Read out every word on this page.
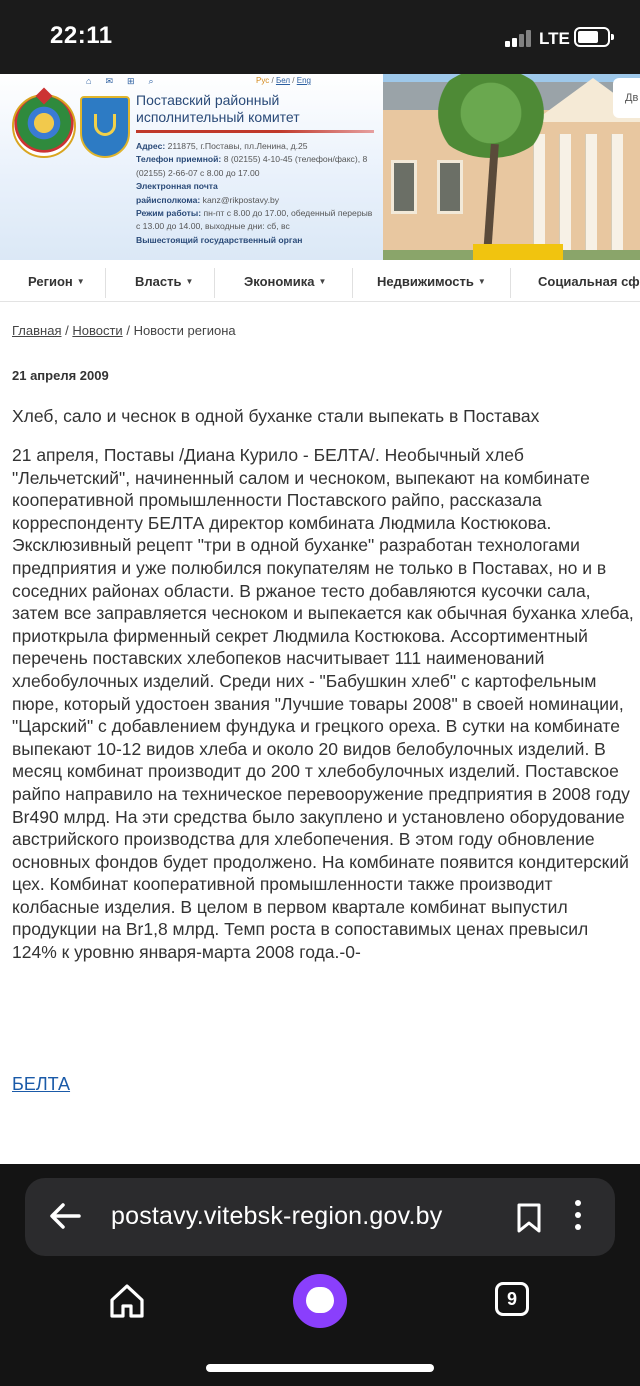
22:11	LTE
⌂✉⊞⌕	Рус / Бел / Eng
Поставский районный исполнительный комитет
Адрес: 211875, г.Поставы, пл.Ленина, д.25
Телефон приемной: 8 (02155) 4-10-45 (телефон/факс), 8 (02155) 2-66-07 с 8.00 до 17.00
Электронная почта
райисполкома: kanz@rikpostavy.by
Режим работы: пн-пт с 8.00 до 17.00, обеденный перерыв с 13.00 до 14.00, выходные дни: сб, вс
Вышестоящий государственный орган
Дв
Регион ▼	Власть ▼	Экономика ▼	Недвижимость ▼	Социальная сф
Главная / Новости / Новости региона
21 апреля 2009
Хлеб, сало и чеснок в одной буханке стали выпекать в Поставах
21 апреля, Поставы /Диана Курило - БЕЛТА/. Необычный хлеб "Лельчетский", начиненный салом и чесноком, выпекают на комбинате кооперативной промышленности Поставского райпо, рассказала корреспонденту БЕЛТА директор комбината Людмила Костюкова. Эксклюзивный рецепт "три в одной буханке" разработан технологами предприятия и уже полюбился покупателям не только в Поставах, но и в соседних районах области. В ржаное тесто добавляются кусочки сала, затем все заправляется чесноком и выпекается как обычная буханка хлеба, приоткрыла фирменный секрет Людмила Костюкова. Ассортиментный перечень поставских хлебопеков насчитывает 111 наименований хлебобулочных изделий. Среди них - "Бабушкин хлеб" с картофельным пюре, который удостоен звания "Лучшие товары 2008" в своей номинации, "Царский" с добавлением фундука и грецкого ореха. В сутки на комбинате выпекают 10-12 видов хлеба и около 20 видов белобулочных изделий. В месяц комбинат производит до 200 т хлебобулочных изделий. Поставское райпо направило на техническое перевооружение предприятия в 2008 году Br490 млрд. На эти средства было закуплено и установлено оборудование австрийского производства для хлебопечения. В этом году обновление основных фондов будет продолжено. На комбинате появится кондитерский цех. Комбинат кооперативной промышленности также производит колбасные изделия. В целом в первом квартале комбинат выпустил продукции на Br1,8 млрд. Темп роста в сопоставимых ценах превысил 124% к уровню января-марта 2008 года.-0-
БЕЛТА
postavy.vitebsk-region.gov.by
9
